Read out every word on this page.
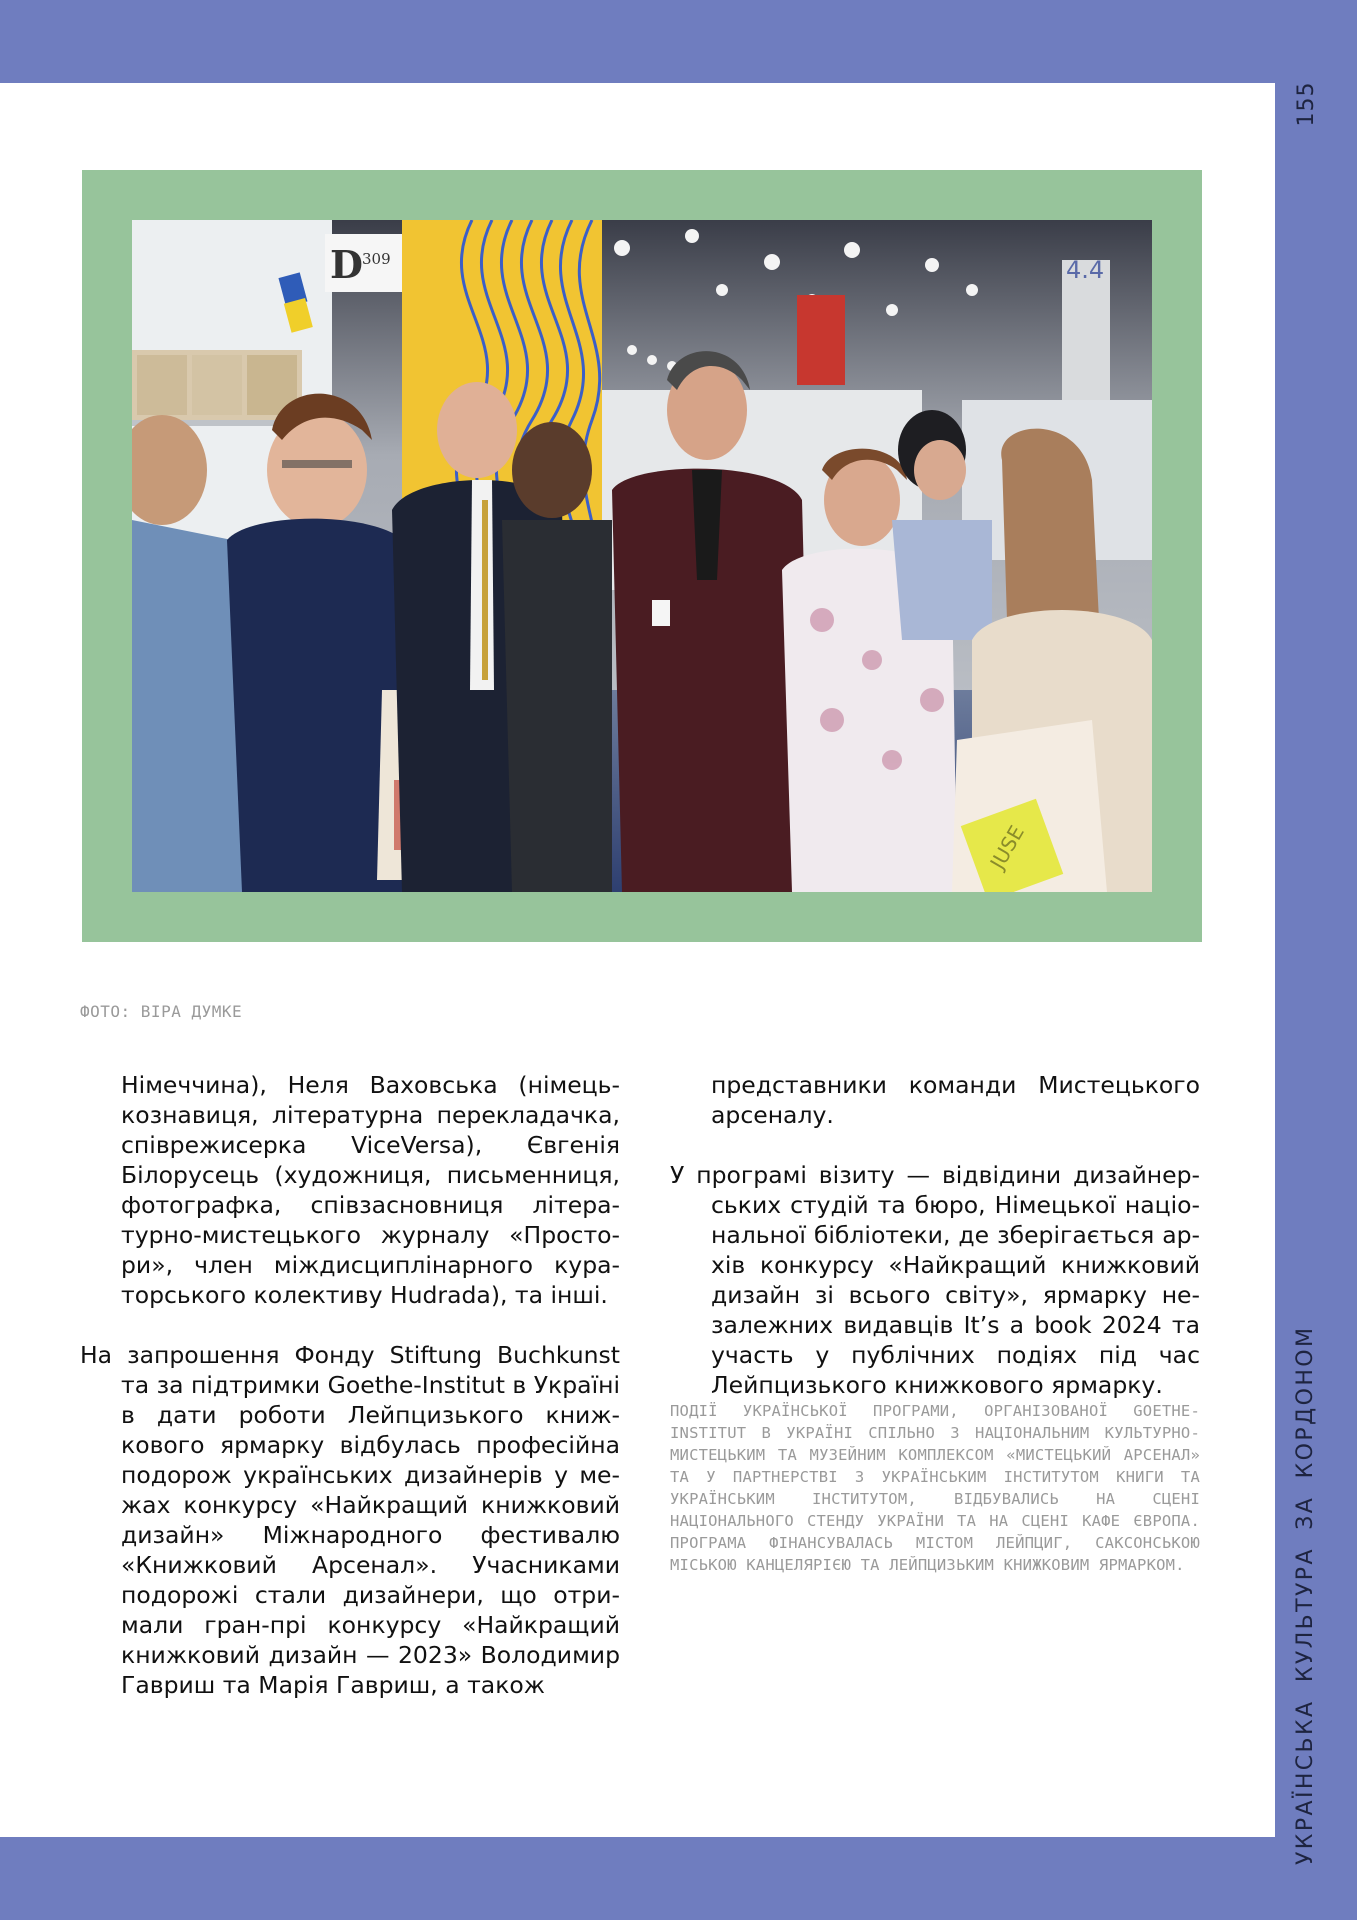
155
УКРАЇНСЬКА КУЛЬТУРА ЗА КОРДОНОМ
4.4
D 309
JUSE
ФОТО: ВІРА ДУМКЕ

Німеччина), Неля Ваховська (німецькознавиця, літературна перекладачка, співрежисерка ViceVersa), Євгенія Білорусець (художниця, письменниця, фотографка, співзасновниця літературно-мистецького журналу «Простори», член міждисциплінарного кураторського колективу Hudrada), та інші.

На запрошення Фонду Stiftung Buchkunst та за підтримки Goethe-Institut в Україні в дати роботи Лейпцизького книжкового ярмарку відбулась професійна подорож українських дизайнерів у межах конкурсу «Найкращий книжковий дизайн» Міжнародного фестивалю «Книжковий Арсенал». Учасниками подорожі стали дизайнери, що отримали гран-прі конкурсу «Найкращий книжковий дизайн — 2023» Володимир Гавриш та Марія Гавриш, а також

представники команди Мистецького арсеналу.

У програмі візиту — відвідини дизайнерських студій та бюро, Німецької національної бібліотеки, де зберігається архів конкурсу «Найкращий книжковий дизайн зі всього світу», ярмарку незалежних видавців It’s a book 2024 та участь у публічних подіях під час Лейпцизького книжкового ярмарку.

ПОДІЇ УКРАЇНСЬКОЇ ПРОГРАМИ, ОРГАНІЗОВАНОЇ GOETHE-INSTITUT В УКРАЇНІ СПІЛЬНО З НАЦІОНАЛЬНИМ КУЛЬТУРНО-МИСТЕЦЬКИМ ТА МУЗЕЙНИМ КОМПЛЕКСОМ «МИСТЕЦЬКИЙ АРСЕНАЛ» ТА У ПАРТНЕРСТВІ З УКРАЇНСЬКИМ ІНСТИТУТОМ КНИГИ ТА УКРАЇНСЬКИМ ІНСТИТУТОМ, ВІДБУВАЛИСЬ НА СЦЕНІ НАЦІОНАЛЬНОГО СТЕНДУ УКРАЇНИ ТА НА СЦЕНІ КАФЕ ЄВРОПА. ПРОГРАМА ФІНАНСУВАЛАСЬ МІСТОМ ЛЕЙПЦИГ, САКСОНСЬКОЮ МІСЬКОЮ КАНЦЕЛЯРІЄЮ ТА ЛЕЙПЦИЗЬКИМ КНИЖКОВИМ ЯРМАРКОМ.
